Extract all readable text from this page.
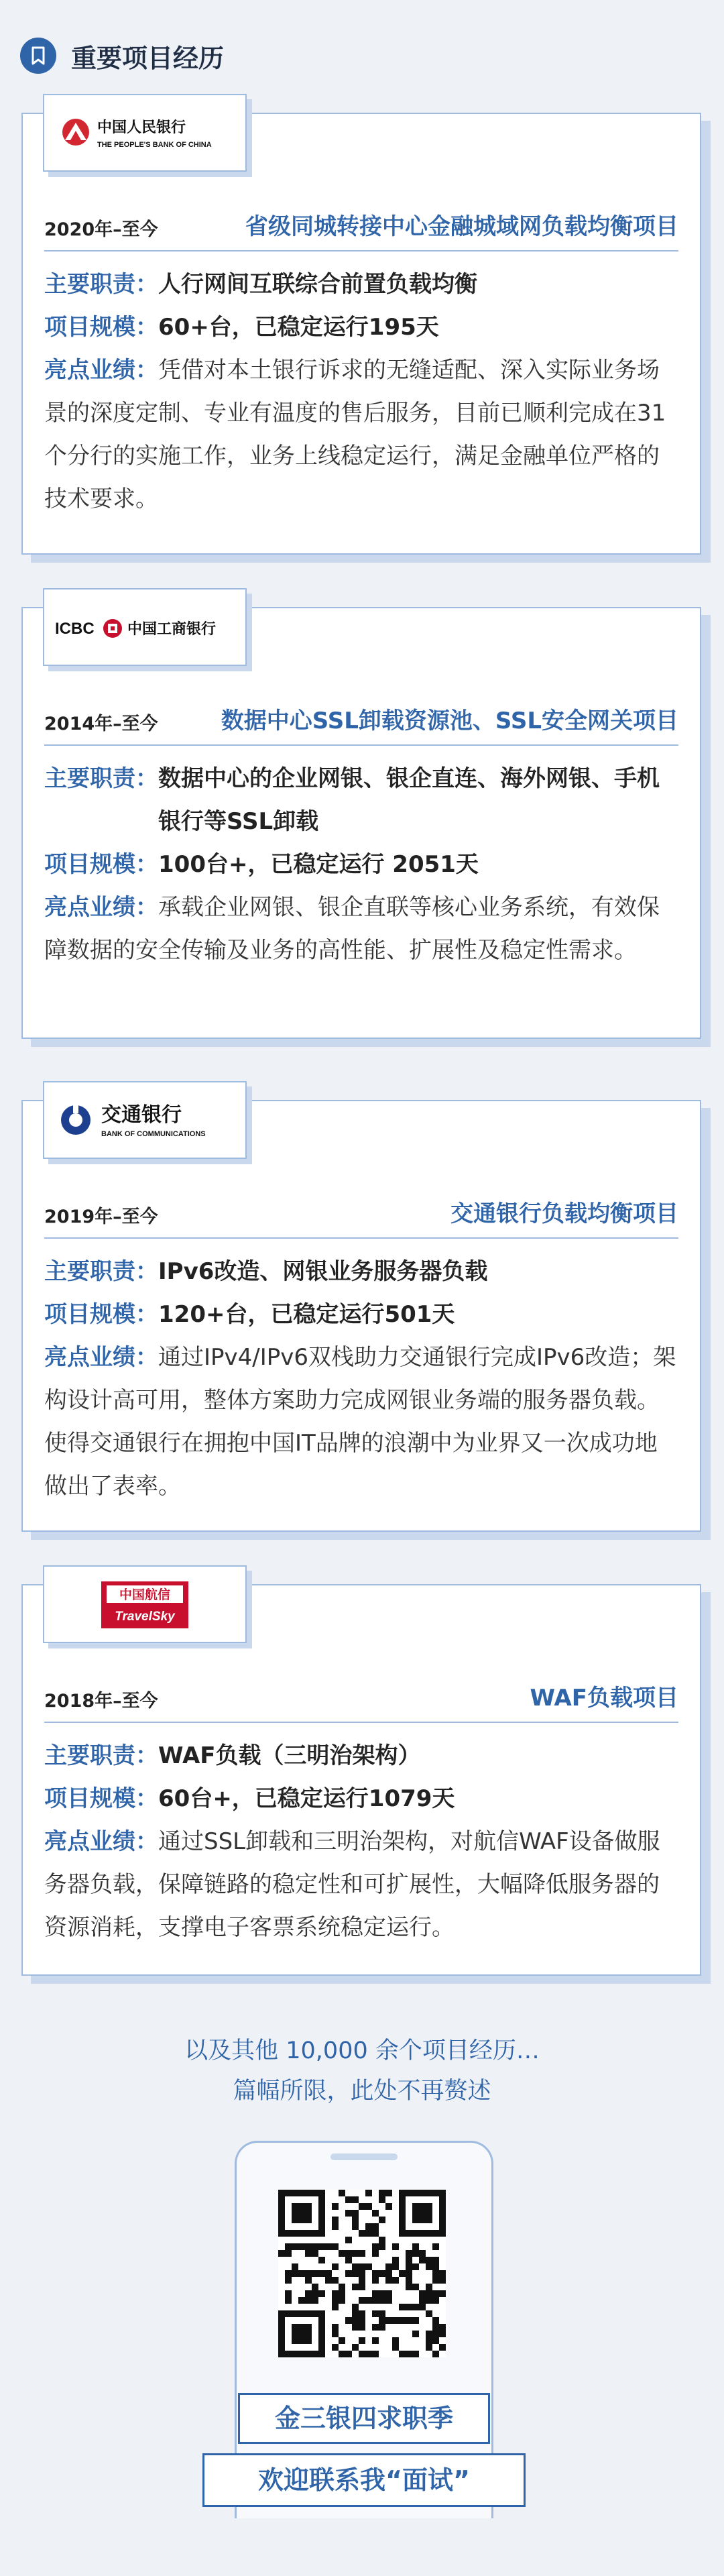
重要项目经历
中国人民银行
THE PEOPLE'S BANK OF CHINA
2020年–至今	省级同城转接中心金融城域网负载均衡项目
主要职责： 人行网间互联综合前置负载均衡
项目规模： 60+台，已稳定运行195天
亮点业绩：凭借对本土银行诉求的无缝适配、深入实际业务场景的深度定制、专业有温度的售后服务，目前已顺利完成在31个分行的实施工作，业务上线稳定运行，满足金融单位严格的技术要求。
ICBC 中国工商银行
2014年–至今	数据中心SSL卸载资源池、SSL安全网关项目
主要职责： 数据中心的企业网银、银企直连、海外网银、手机银行等SSL卸载
项目规模： 100台+，已稳定运行 2051天
亮点业绩：承载企业网银、银企直联等核心业务系统，有效保障数据的安全传输及业务的高性能、扩展性及稳定性需求。
交通银行
BANK OF COMMUNICATIONS
2019年–至今	交通银行负载均衡项目
主要职责： IPv6改造、网银业务服务器负载
项目规模： 120+台，已稳定运行501天
亮点业绩：通过IPv4/IPv6双栈助力交通银行完成IPv6改造；架构设计高可用，整体方案助力完成网银业务端的服务器负载。使得交通银行在拥抱中国IT品牌的浪潮中为业界又一次成功地做出了表率。
中国航信
TravelSky
2018年–至今	WAF负载项目
主要职责： WAF负载（三明治架构）
项目规模： 60台+，已稳定运行1079天
亮点业绩：通过SSL卸载和三明治架构，对航信WAF设备做服务器负载，保障链路的稳定性和可扩展性，大幅降低服务器的资源消耗，支撑电子客票系统稳定运行。
以及其他 10,000 余个项目经历…
篇幅所限，此处不再赘述
金三银四求职季
欢迎联系我“面试”
